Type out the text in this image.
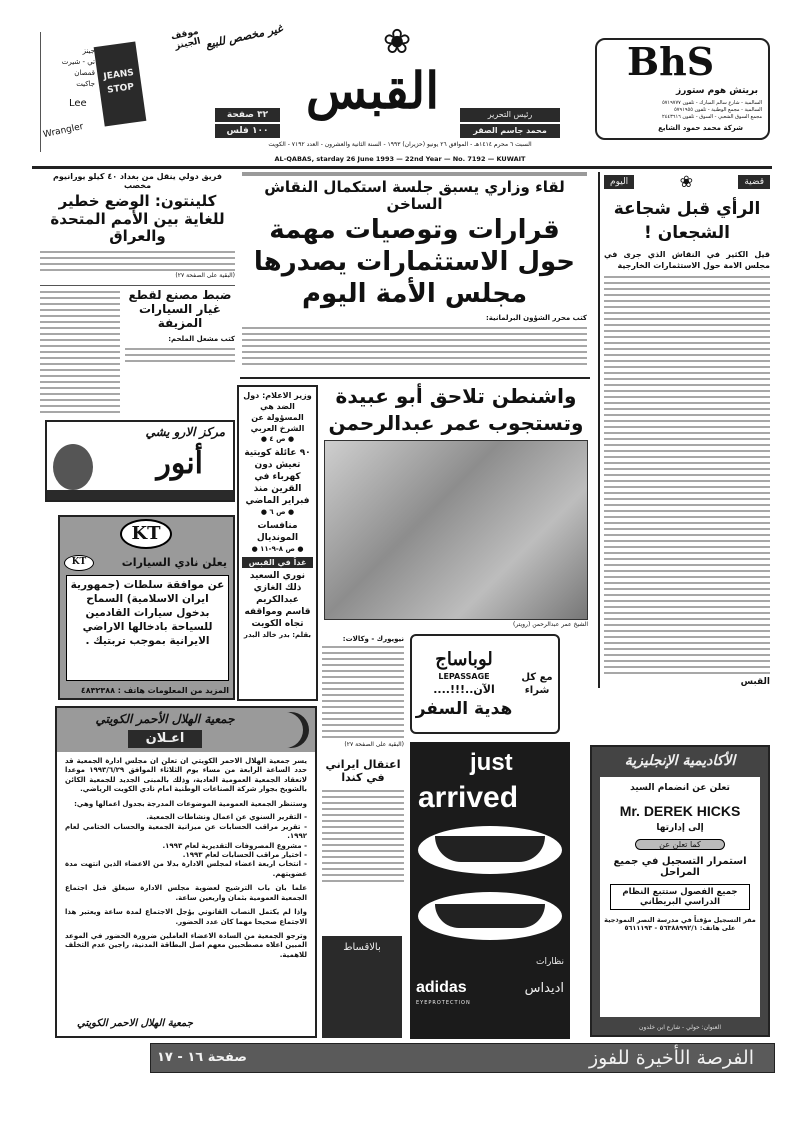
BhS
بريتش هوم ستورز
السالمية - شارع سالم المبارك - تلفون ٥٧١٩٧٧٧
السالمية - مجمع الوطنية - تلفون ٥٧٩١٩٥٥
مجمع السوق الشعبي - السوق - تلفون ٢٤٤٣٦١٦
شركة محمد حمود الشايع
٣٢ صفحة
١٠٠ فلس
رئيس التحرير
محمد جاسم الصقر
❀
القبس
غير مخصص للبيع
السبت ٦ محرم ١٤١٤هـ - الموافق ٢٦ يونيو (حزيران) ١٩٩٣ - السنة الثانية والعشرون - العدد ٧١٩٢ - الكويت
AL-QABAS, starday 26 June 1993 — 22nd Year — No. 7192 — KUWAIT
JEANS STOP
موقف الجينز
جينز
تي - شيرت
قمصان
جاكيت
Lee
Wrangler
فريق دولي ينقل من بغداد ٤٠ كيلو يورانيوم مخصب
كلينتون: الوضع خطير للغاية بين الأمم المتحدة والعراق
(البقية على الصفحة ٢٧)
ضبط مصنع لقطع غيار السيارات المزيفة
كتب مشعل الملحم:
مركز الارو يشي
أنور
KT
KT	يعلن نادي السيارات
عن موافقة سلطات (جمهورية ايران الاسلامية) السماح بدخول سيارات القادمين للسياحة بادخالها الاراضي الايرانية بموجب تربتيك .
المزيد من المعلومات هاتف : ٤٨٣٢٣٨٨
جمعية الهلال الأحمر الكويتي
اعـلان

يسر جمعية الهلال الاحمر الكويتي ان تعلن ان مجلس ادارة الجمعية قد حدد الساعة الرابعة من مساء يوم الثلاثاء الموافق ١٩٩٣/٦/٢٩ موعدا لانعقاد الجمعية العمومية العادية، وذلك بالمبنى الجديد للجمعية الكائن بالشويخ بجوار شركة الصناعات الوطنية امام نادي الكويت الرياضي.

وستنظر الجمعية العمومية الموضوعات المدرجة بجدول اعمالها وهي:

- التقرير السنوي عن اعمال ونشاطات الجمعية.
- تقرير مراقب الحسابات عن ميزانية الجمعية والحساب الختامي لعام ١٩٩٢.
- مشروع المصروفات التقديرية لعام ١٩٩٣.
- اختيار مراقب الحسابات لعام ١٩٩٣.
- انتخاب اربعة اعضاء لمجلس الادارة بدلا من الاعضاء الذين انتهت مدة عضويتهم.

علما بان باب الترشيح لعضوية مجلس الادارة سيغلق قبل اجتماع الجمعية العمومية بثمان واربعين ساعة.

واذا لم يكتمل النصاب القانوني يؤجل الاجتماع لمدة ساعة ويعتبر هذا الاجتماع صحيحا مهما كان عدد الحضور.

وترجو الجمعية من السادة الاعضاء العاملين ضرورة الحضور في الموعد المبين اعلاه مصطحبين معهم اصل البطاقة المدنية، راجين عدم التخلف للاهمية.

جمعية الهلال الاحمر الكويتي
لقاء وزاري يسبق جلسة استكمال النقاش الساخن
قرارات وتوصيات مهمة حول الاستثمارات يصدرها مجلس الأمة اليوم
كتب محرر الشؤون البرلمانية:
وزير الاعلام: دول الضد هي المسؤولة عن الشرخ العربي
● ص ٤ ●
٩٠ عائلة كويتية تعيش دون كهرباء في القرين منذ فبراير الماضي
● ص ٦ ●
منافسات المونديال
● ص ٨-٩-١١ ●
غداً في القبس
نوري السعيد ذلك الغازي عبدالكريم قاسم ومواقفه تجاه الكويت
بقلم: بدر خالد البدر
واشنطن تلاحق أبو عبيدة وتستجوب عمر عبدالرحمن
الشيخ عمر عبدالرحمن (رويتر)
نيويورك - وكالات:
(البقية على الصفحة ٢٧)
اعتقال ايراني في كندا
مع كل شراء
لوباساج
LEPASSAGE
الآن..!!!....
هدية السفر
بالاقساط
just
arrived
نظارات
adidas
EYEPROTECTION
اديداس
الأكاديمية الإنجليزية
تعلن عن انضمام السيد
Mr. DEREK HICKS
إلى إدارتها
كما تعلن عن
استمرار التسجيل في جميع المراحل
جميع الفصول ستتبع النظام الدراسي البريطاني
مقر التسجيل مؤقتاً في مدرسة النصر النموذجية
على هاتف: ٥٦٣٨٨٩٩٢/١ - ٥٦١١١٩٣
العنوان: حولي - شارع ابن خلدون
قضية
❀
اليوم
الرأي قبل شجاعة الشجعان !
قيل الكثير في النقاش الذي جرى في مجلس الامة حول الاستثمارات الخارجية
القبس
الفرصة الأخيرة للفوز
صفحة ١٦ - ١٧
